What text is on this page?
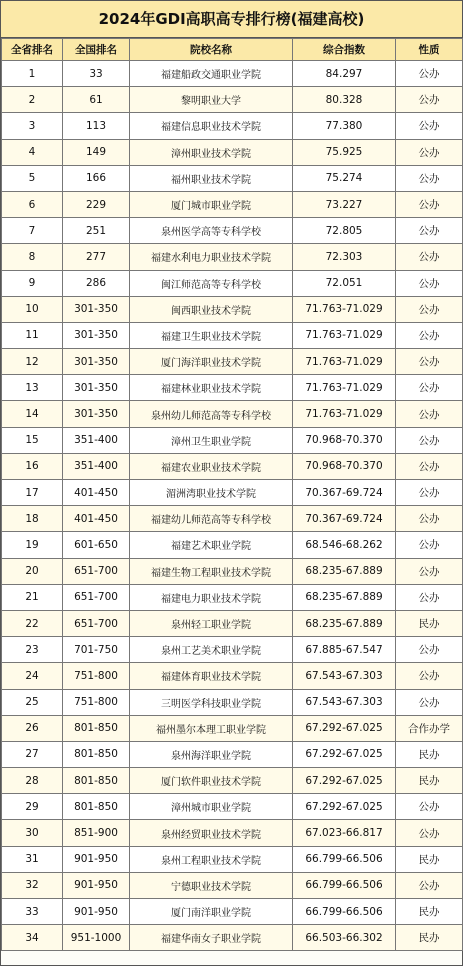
2024年GDI高职高专排行榜(福建高校)
全省排名	全国排名	院校名称	综合指数	性质
1	33	福建船政交通职业学院	84.297	公办
2	61	黎明职业大学	80.328	公办
3	113	福建信息职业技术学院	77.380	公办
4	149	漳州职业技术学院	75.925	公办
5	166	福州职业技术学院	75.274	公办
6	229	厦门城市职业学院	73.227	公办
7	251	泉州医学高等专科学校	72.805	公办
8	277	福建水利电力职业技术学院	72.303	公办
9	286	闽江师范高等专科学校	72.051	公办
10	301-350	闽西职业技术学院	71.763-71.029	公办
11	301-350	福建卫生职业技术学院	71.763-71.029	公办
12	301-350	厦门海洋职业技术学院	71.763-71.029	公办
13	301-350	福建林业职业技术学院	71.763-71.029	公办
14	301-350	泉州幼儿师范高等专科学校	71.763-71.029	公办
15	351-400	漳州卫生职业学院	70.968-70.370	公办
16	351-400	福建农业职业技术学院	70.968-70.370	公办
17	401-450	湄洲湾职业技术学院	70.367-69.724	公办
18	401-450	福建幼儿师范高等专科学校	70.367-69.724	公办
19	601-650	福建艺术职业学院	68.546-68.262	公办
20	651-700	福建生物工程职业技术学院	68.235-67.889	公办
21	651-700	福建电力职业技术学院	68.235-67.889	公办
22	651-700	泉州轻工职业学院	68.235-67.889	民办
23	701-750	泉州工艺美术职业学院	67.885-67.547	公办
24	751-800	福建体育职业技术学院	67.543-67.303	公办
25	751-800	三明医学科技职业学院	67.543-67.303	公办
26	801-850	福州墨尔本理工职业学院	67.292-67.025	合作办学
27	801-850	泉州海洋职业学院	67.292-67.025	民办
28	801-850	厦门软件职业技术学院	67.292-67.025	民办
29	801-850	漳州城市职业学院	67.292-67.025	公办
30	851-900	泉州经贸职业技术学院	67.023-66.817	公办
31	901-950	泉州工程职业技术学院	66.799-66.506	民办
32	901-950	宁德职业技术学院	66.799-66.506	公办
33	901-950	厦门南洋职业学院	66.799-66.506	民办
34	951-1000	福建华南女子职业学院	66.503-66.302	民办
